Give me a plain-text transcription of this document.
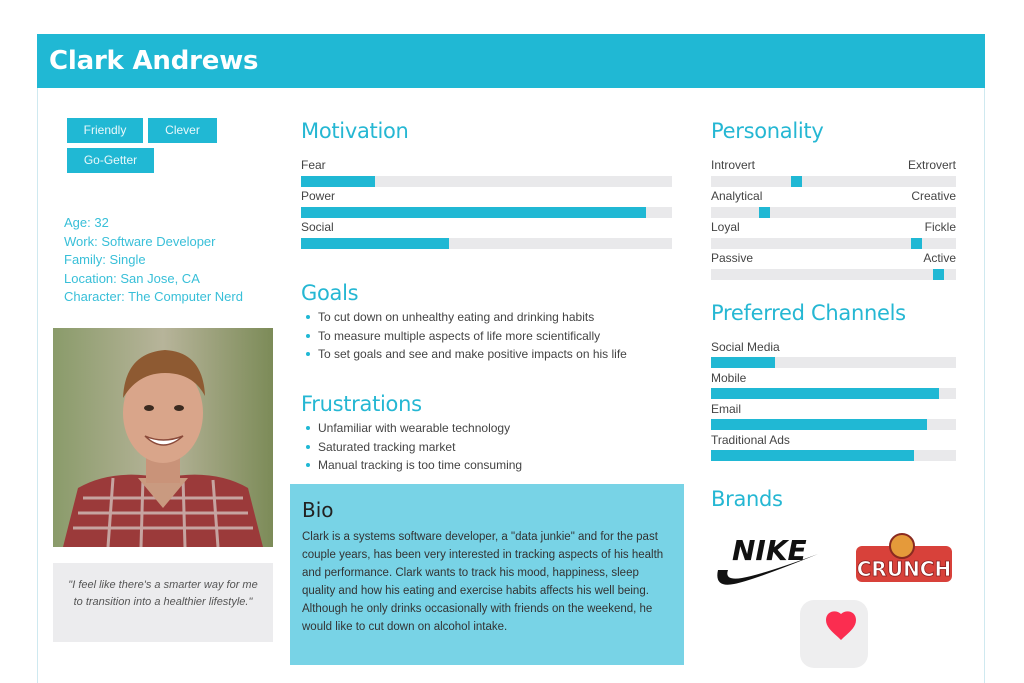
Clark Andrews
Friendly	Clever
Go-Getter
Age: 32
Work: Software Developer
Family: Single
Location: San Jose, CA
Character: The Computer Nerd
"I feel like there's a smarter way for me to transition into a healthier lifestyle."
Motivation
Fear
Power
Social
Goals
To cut down on unhealthy eating and drinking habits
To measure multiple aspects of life more scientifically
To set goals and see and make positive impacts on his life
Frustrations
Unfamiliar with wearable technology
Saturated tracking market
Manual tracking is too time consuming
Bio

Clark is a systems software developer, a "data junkie" and for the past couple years, has been very interested in tracking aspects of his health and performance. Clark wants to track his mood, happiness, sleep quality and how his eating and exercise habits affects his well being. Although he only drinks occasionally with friends on the weekend, he would like to cut down on alcohol intake.

Personality
Introvert	Extrovert
Analytical	Creative
Loyal	Fickle
Passive	Active
Preferred Channels
Social Media
Mobile
Email
Traditional Ads
Brands
NIKE
CRUNCH
